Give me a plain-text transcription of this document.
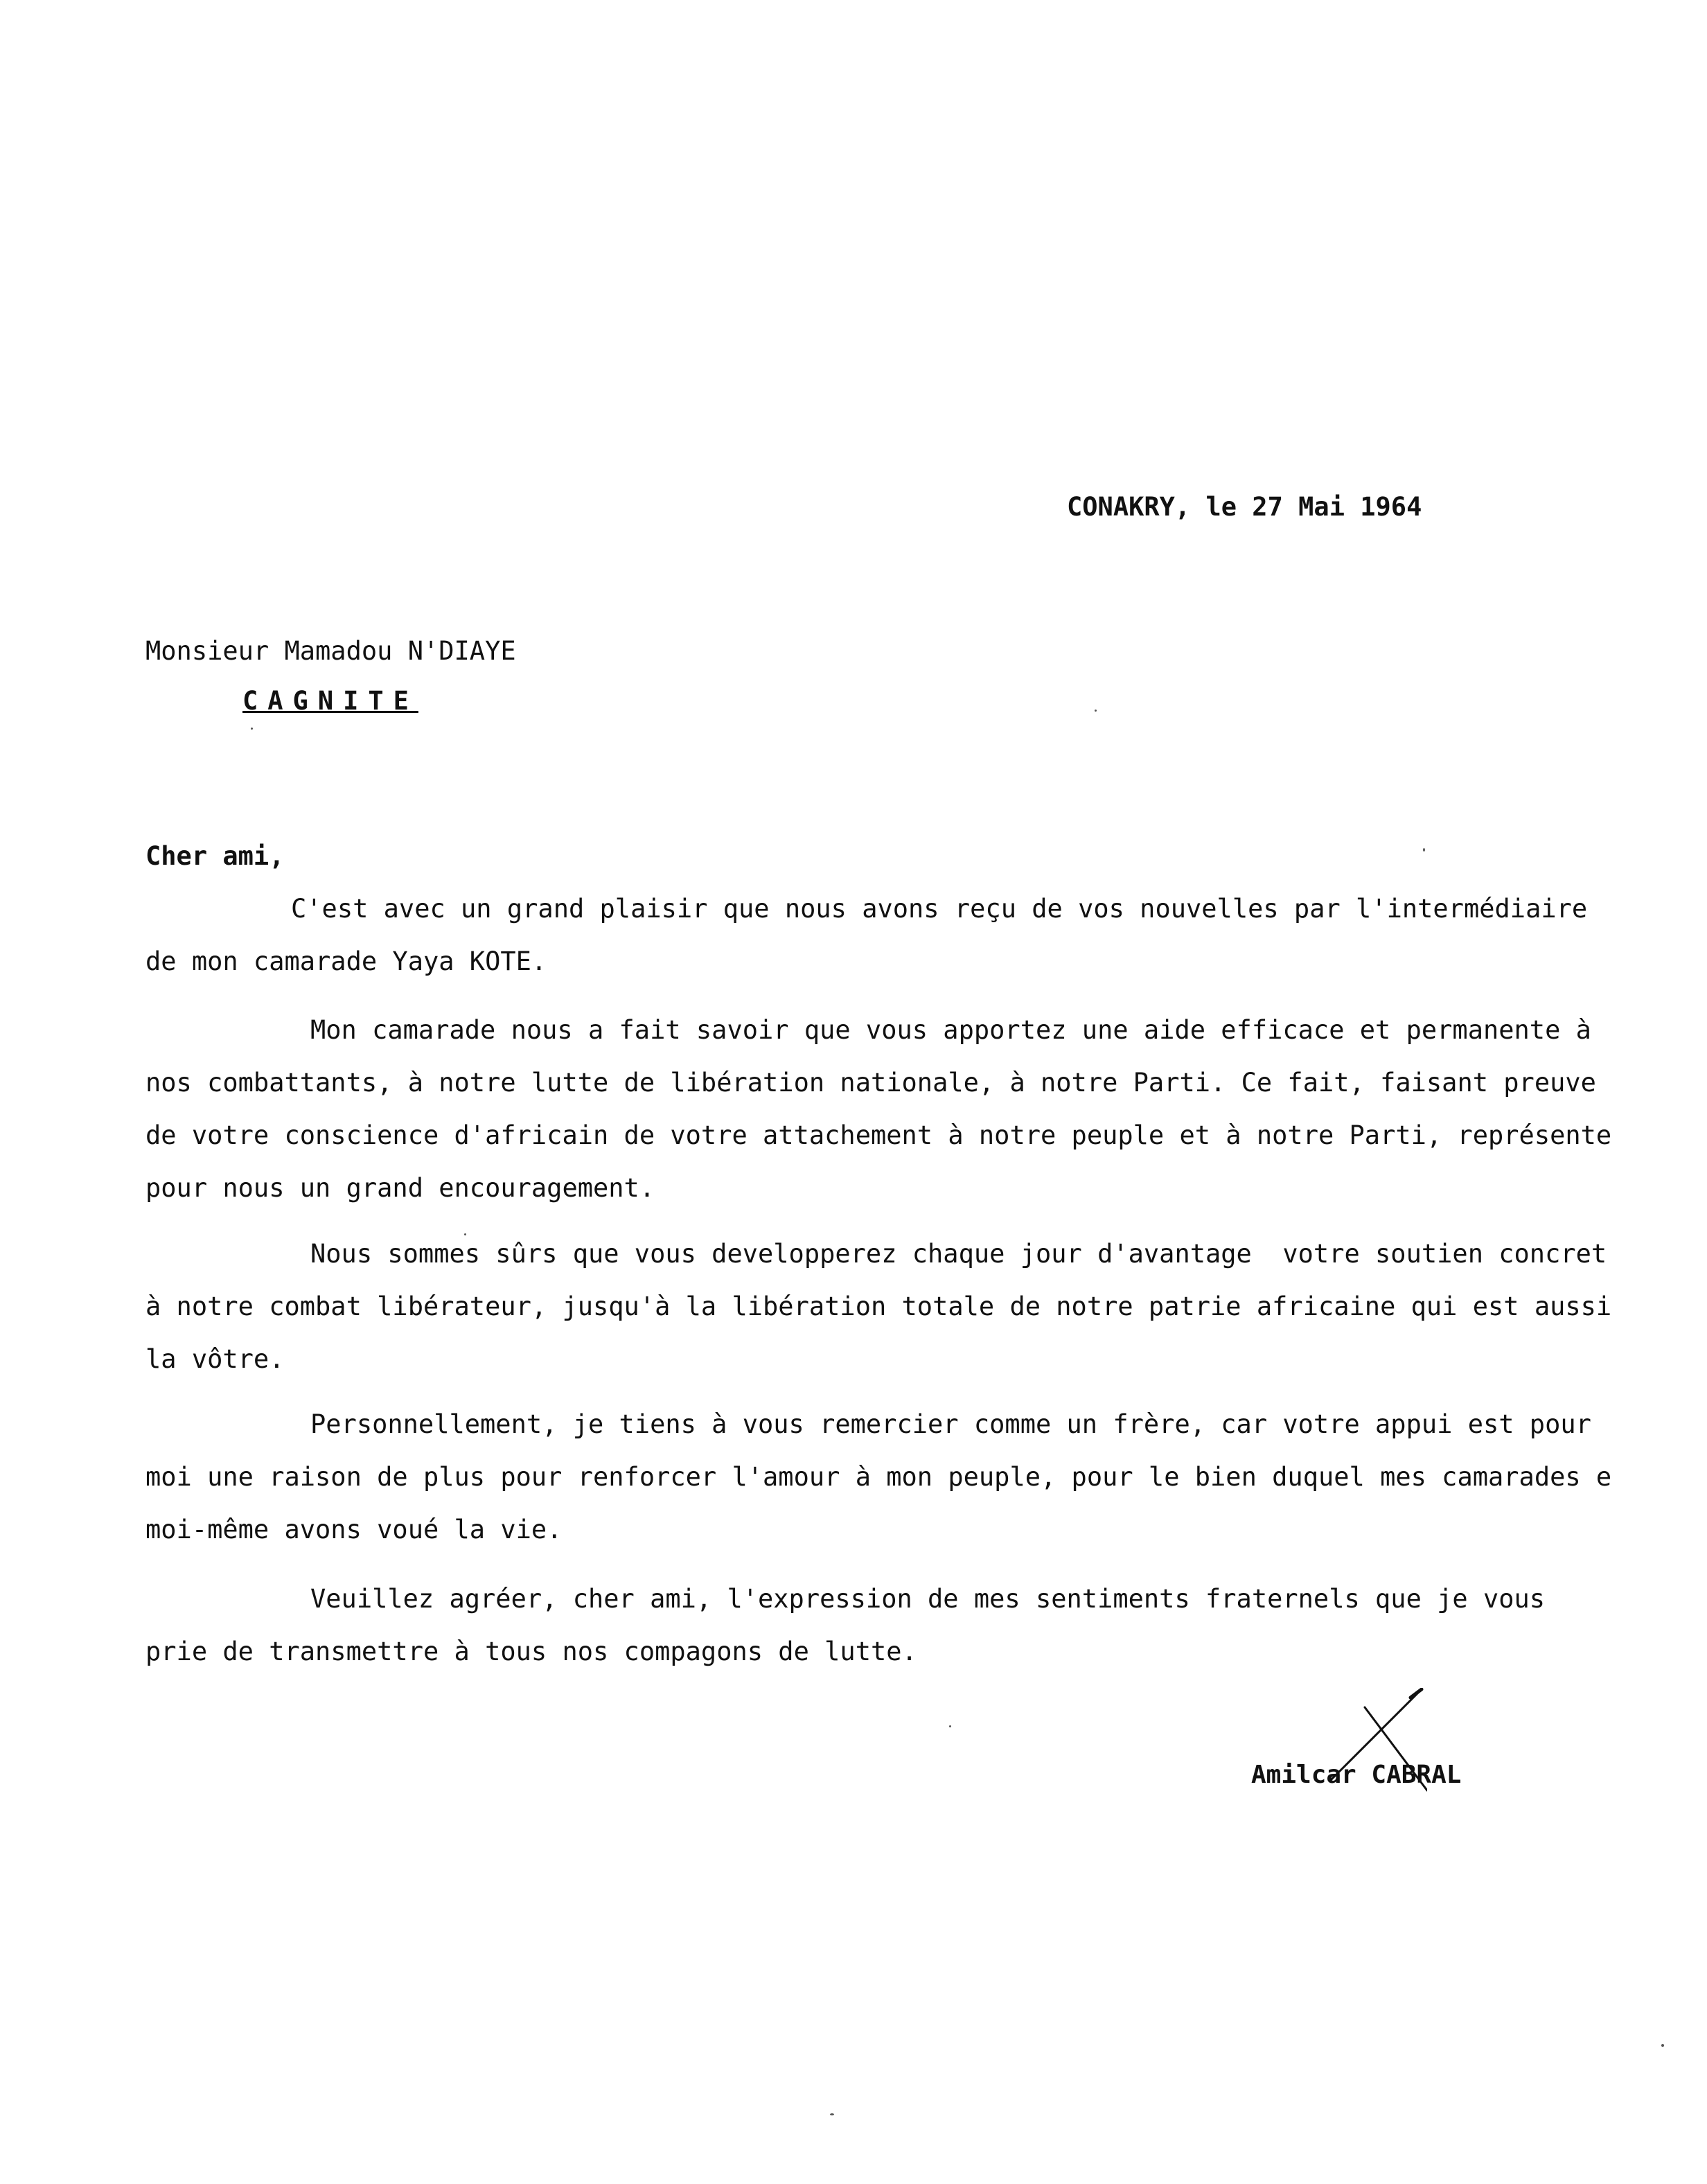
CONAKRY, le 27 Mai 1964
Monsieur Mamadou N'DIAYE
CAGNITE
Cher ami,
C'est avec un grand plaisir que nous avons reçu de vos nouvelles par l'intermédiaire
de mon camarade Yaya KOTE.
Mon camarade nous a fait savoir que vous apportez une aide efficace et permanente à
nos combattants, à notre lutte de libération nationale, à notre Parti. Ce fait, faisant preuve
de votre conscience d'africain de votre attachement à notre peuple et à notre Parti, représente
pour nous un grand encouragement.
Nous sommes sûrs que vous developperez chaque jour d'avantage  votre soutien concret
à notre combat libérateur, jusqu'à la libération totale de notre patrie africaine qui est aussi
la vôtre.
Personnellement, je tiens à vous remercier comme un frère, car votre appui est pour
moi une raison de plus pour renforcer l'amour à mon peuple, pour le bien duquel mes camarades e
moi-même avons voué la vie.
Veuillez agréer, cher ami, l'expression de mes sentiments fraternels que je vous
prie de transmettre à tous nos compagons de lutte.
Amilcar CABRAL
